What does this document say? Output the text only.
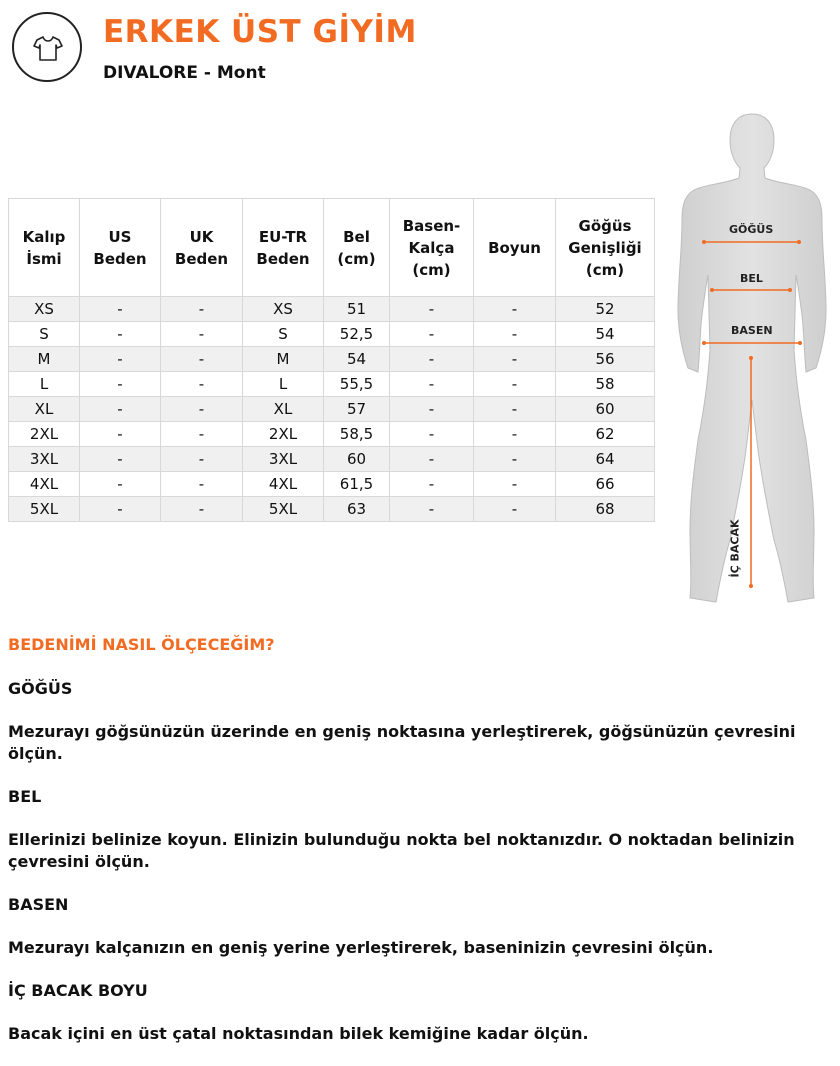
ERKEK ÜST GİYİM
DIVALORE - Mont
Kalıp İsmi	US Beden	UK Beden	EU-TR Beden	Bel (cm)	Basen-Kalça (cm)	Boyun	Göğüs Genişliği (cm)
XS	-	-	XS	51	-	-	52
S	-	-	S	52,5	-	-	54
M	-	-	M	54	-	-	56
L	-	-	L	55,5	-	-	58
XL	-	-	XL	57	-	-	60
2XL	-	-	2XL	58,5	-	-	62
3XL	-	-	3XL	60	-	-	64
4XL	-	-	4XL	61,5	-	-	66
5XL	-	-	5XL	63	-	-	68
GÖĞÜS
BEL
BASEN
İÇ BACAK
BEDENİMİ NASIL ÖLÇECEĞİM?

GÖĞÜS

Mezurayı göğsünüzün üzerinde en geniş noktasına yerleştirerek, göğsünüzün çevresini ölçün.

BEL

Ellerinizi belinize koyun. Elinizin bulunduğu nokta bel noktanızdır. O noktadan belinizin çevresini ölçün.

BASEN

Mezurayı kalçanızın en geniş yerine yerleştirerek, baseninizin çevresini ölçün.

İÇ BACAK BOYU

Bacak içini en üst çatal noktasından bilek kemiğine kadar ölçün.
